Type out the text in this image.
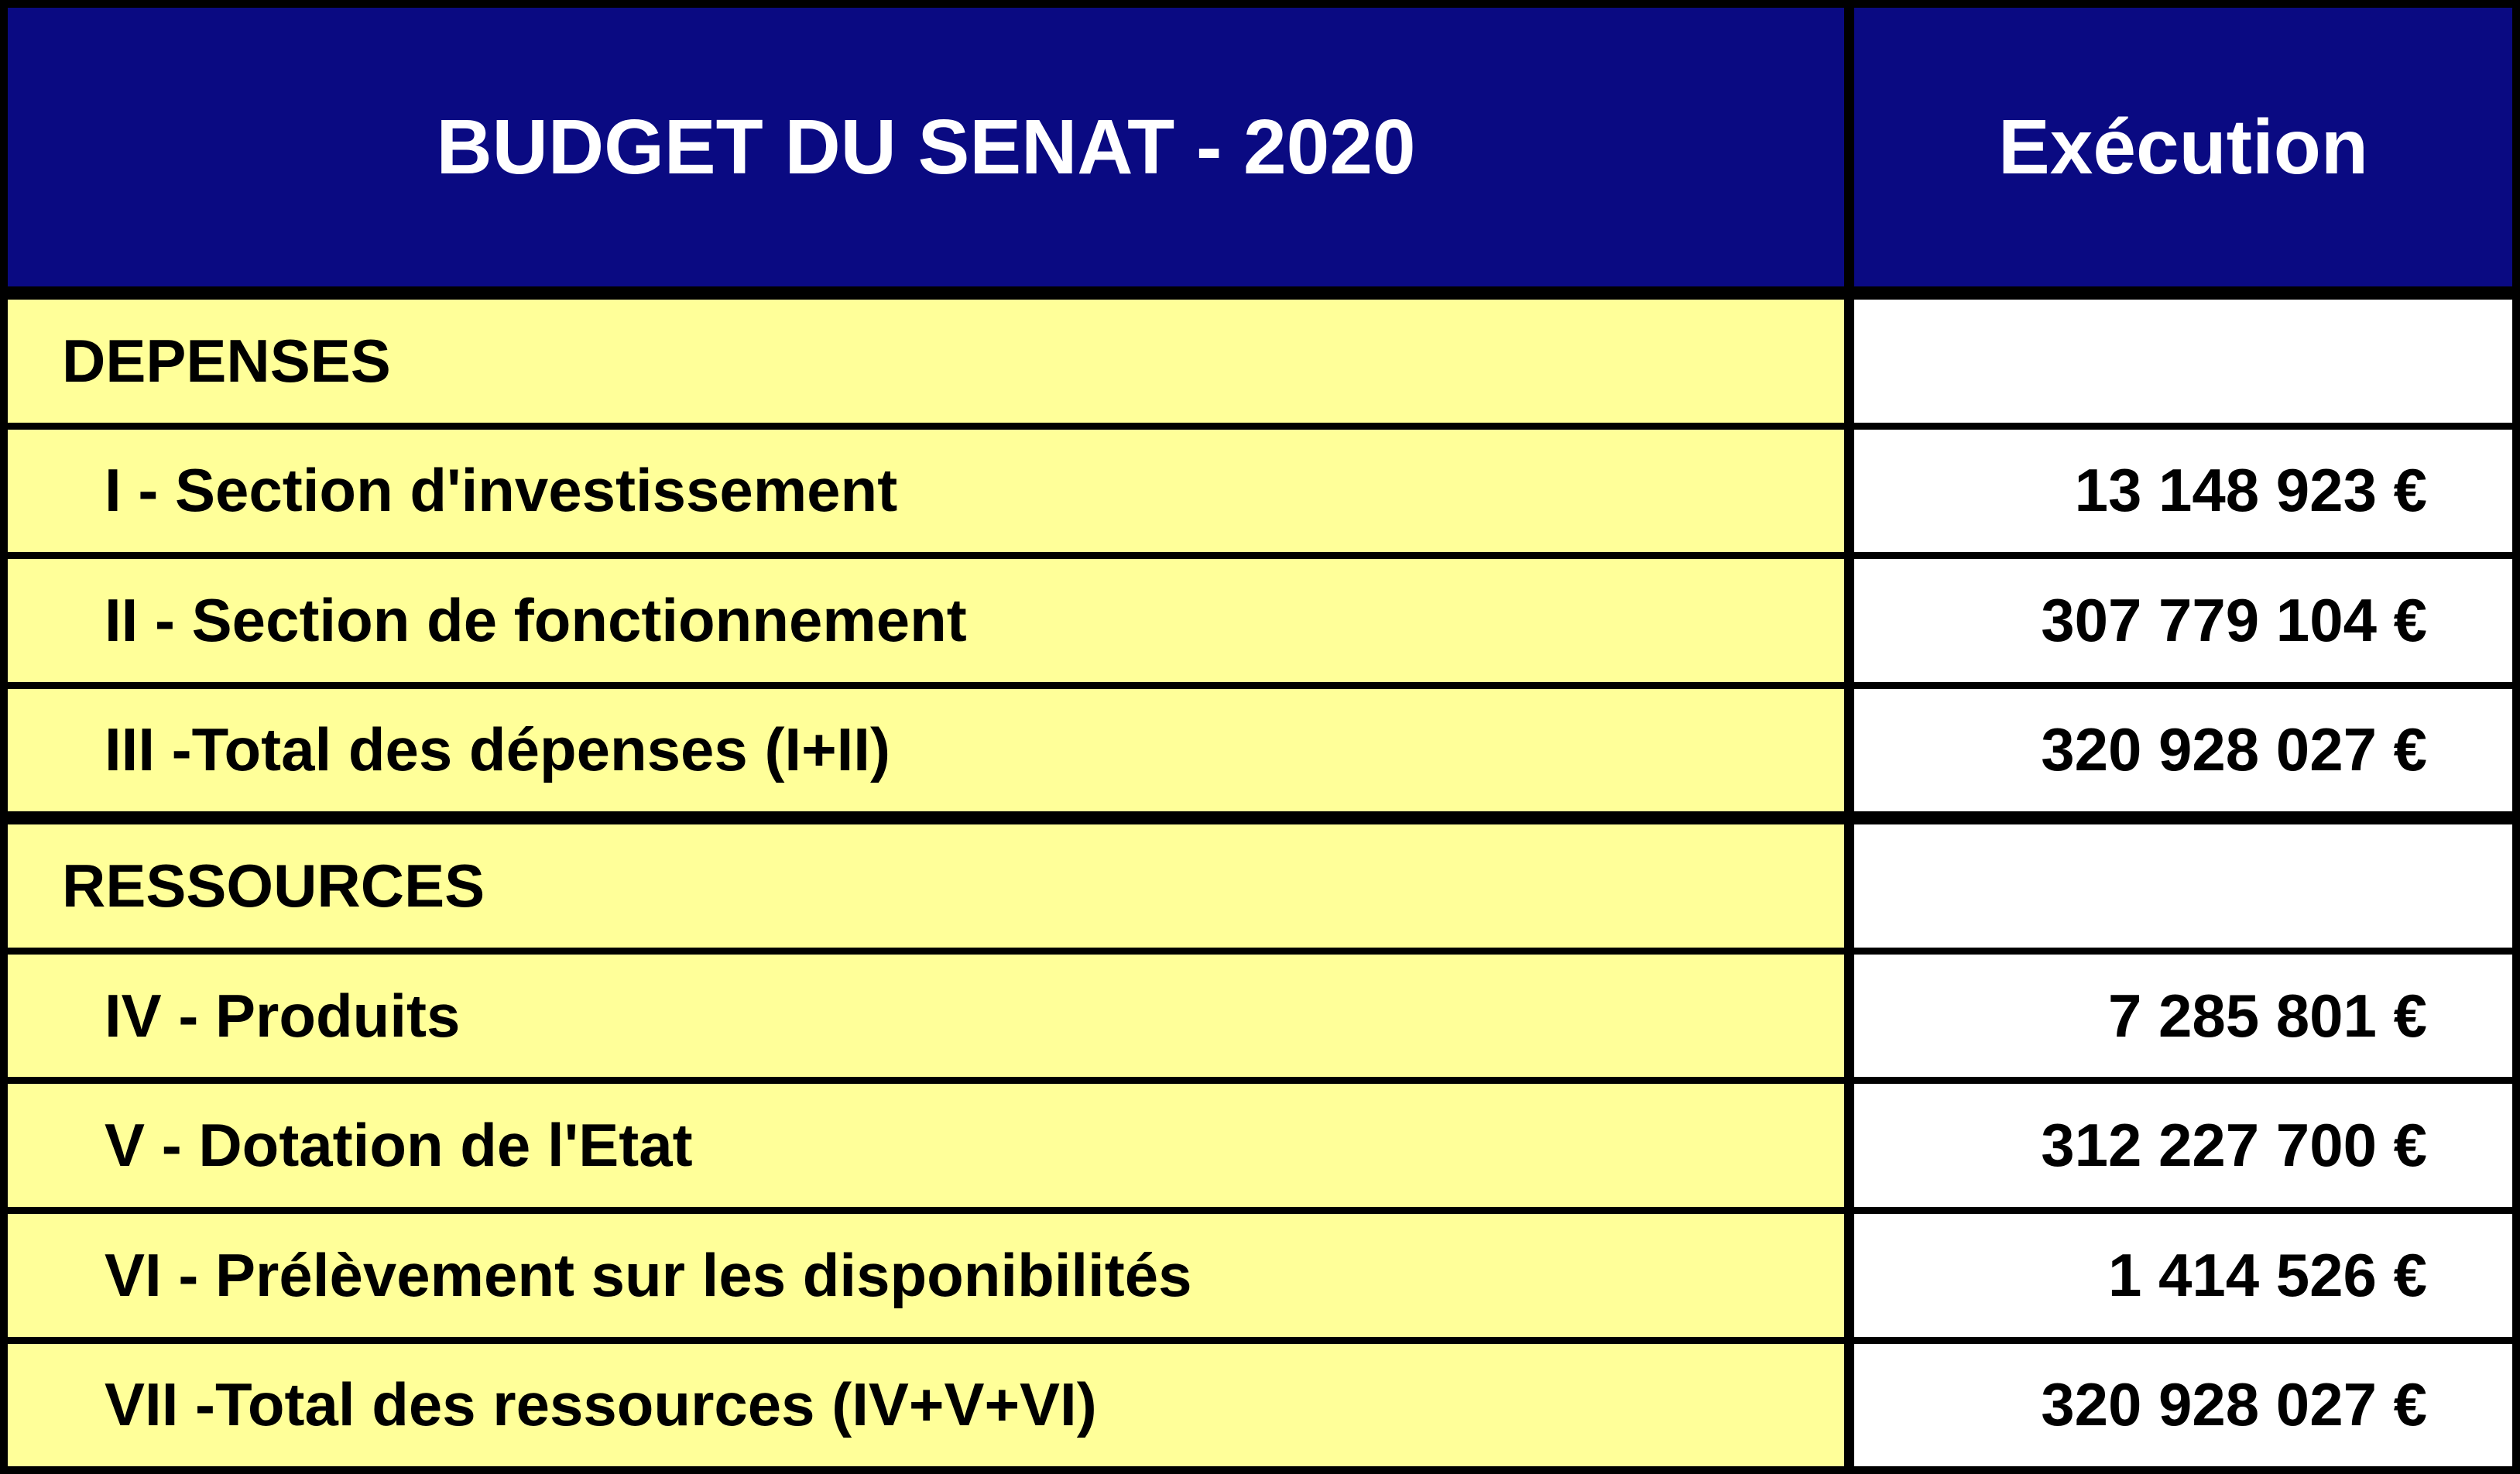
BUDGET DU SENAT - 2020	Exécution
DEPENSES
I - Section d'investissement	13 148 923 €
II - Section de fonctionnement	307 779 104 €
III -Total des dépenses (I+II)	320 928 027 €
RESSOURCES
IV - Produits	7 285 801 €
V - Dotation de l'Etat	312 227 700 €
VI - Prélèvement sur les disponibilités	1 414 526 €
VII -Total des ressources (IV+V+VI)	320 928 027 €
